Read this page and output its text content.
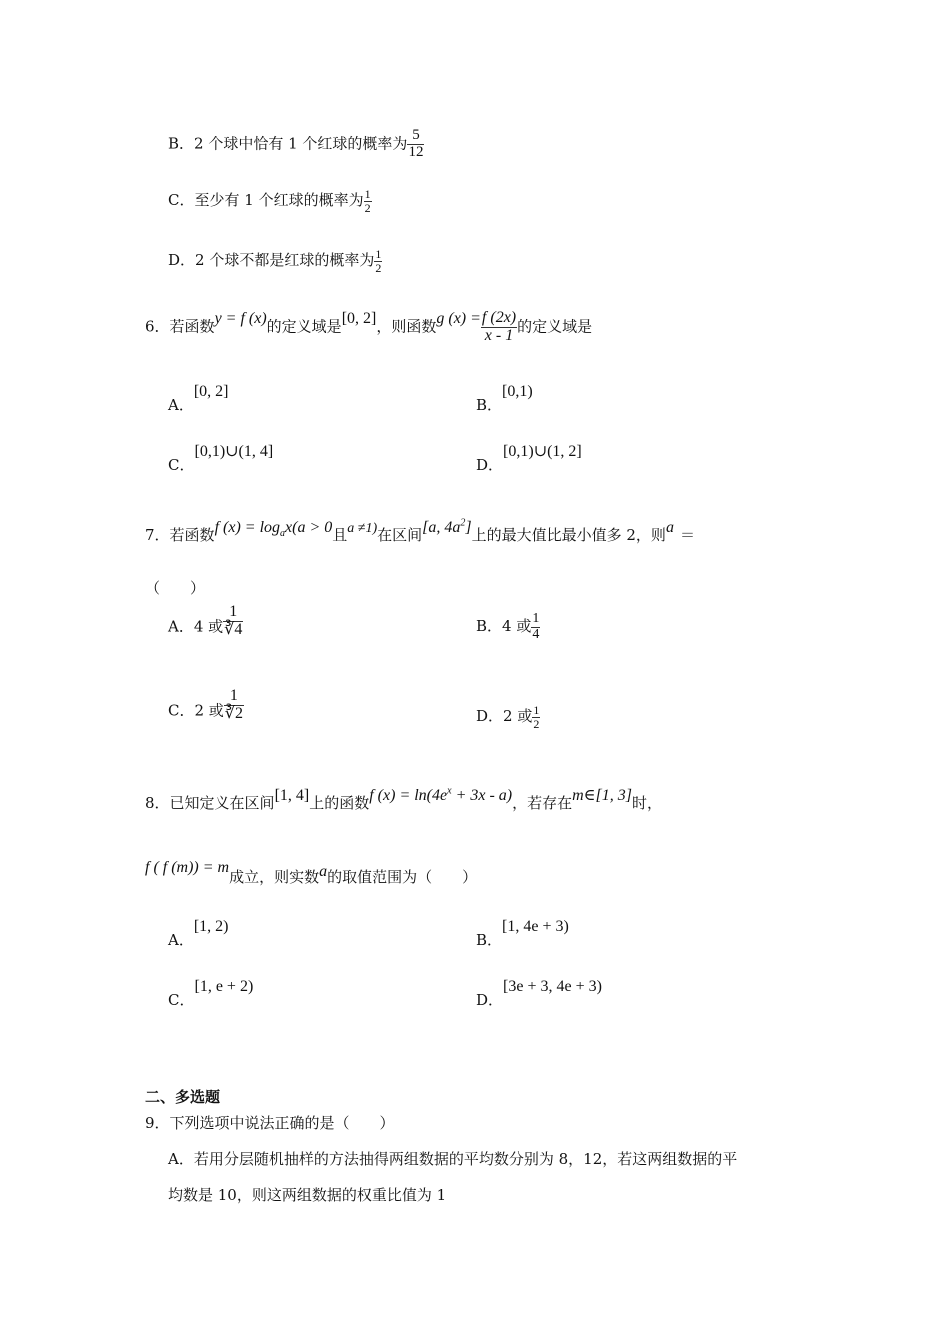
B．2 个球中恰有 1 个红球的概率为 $\frac{5}{12}$
C．至少有 1 个红球的概率为 $\frac{1}{2}$
D．2 个球不都是红球的概率为 $\frac{1}{2}$
6．若函数y = f (x)的定义域是[0, 2]，则函数g $(x) = \frac{f (2x)}{x - 1}$ 的定义域是
A．[0, 2]
B．[0,1)
C．[0,1)∪(1, 4]
D．[0,1)∪(1, 2]
7．若函数f $(x) = \log_ax(a > 0$且a ≠1)在区间[a, $4a^2$]上的最大值比最小值多 2，则a ＝
（　　）
A．4 或 $\frac{1}{∛4}$	B．4 或 $\frac{1}{4}$
C．2 或 $\frac{1}{∛2}$	D．2 或 $\frac{1}{2}$
8．已知定义在区间[1, 4]上的函数f $(x) = \ln(4e^x + 3x - a)$，若存在m∈[1, 3]时，
f ( f (m)) = m成立，则实数a的取值范围为（　　）
A．[1, 2)
B．[1, 4e + 3)
C．[1, e + 2)
D．[3e + 3, 4e + 3)
二、多选题
9．下列选项中说法正确的是（　　）
A．若用分层随机抽样的方法抽得两组数据的平均数分别为 8，12，若这两组数据的平
均数是 10，则这两组数据的权重比值为 1
